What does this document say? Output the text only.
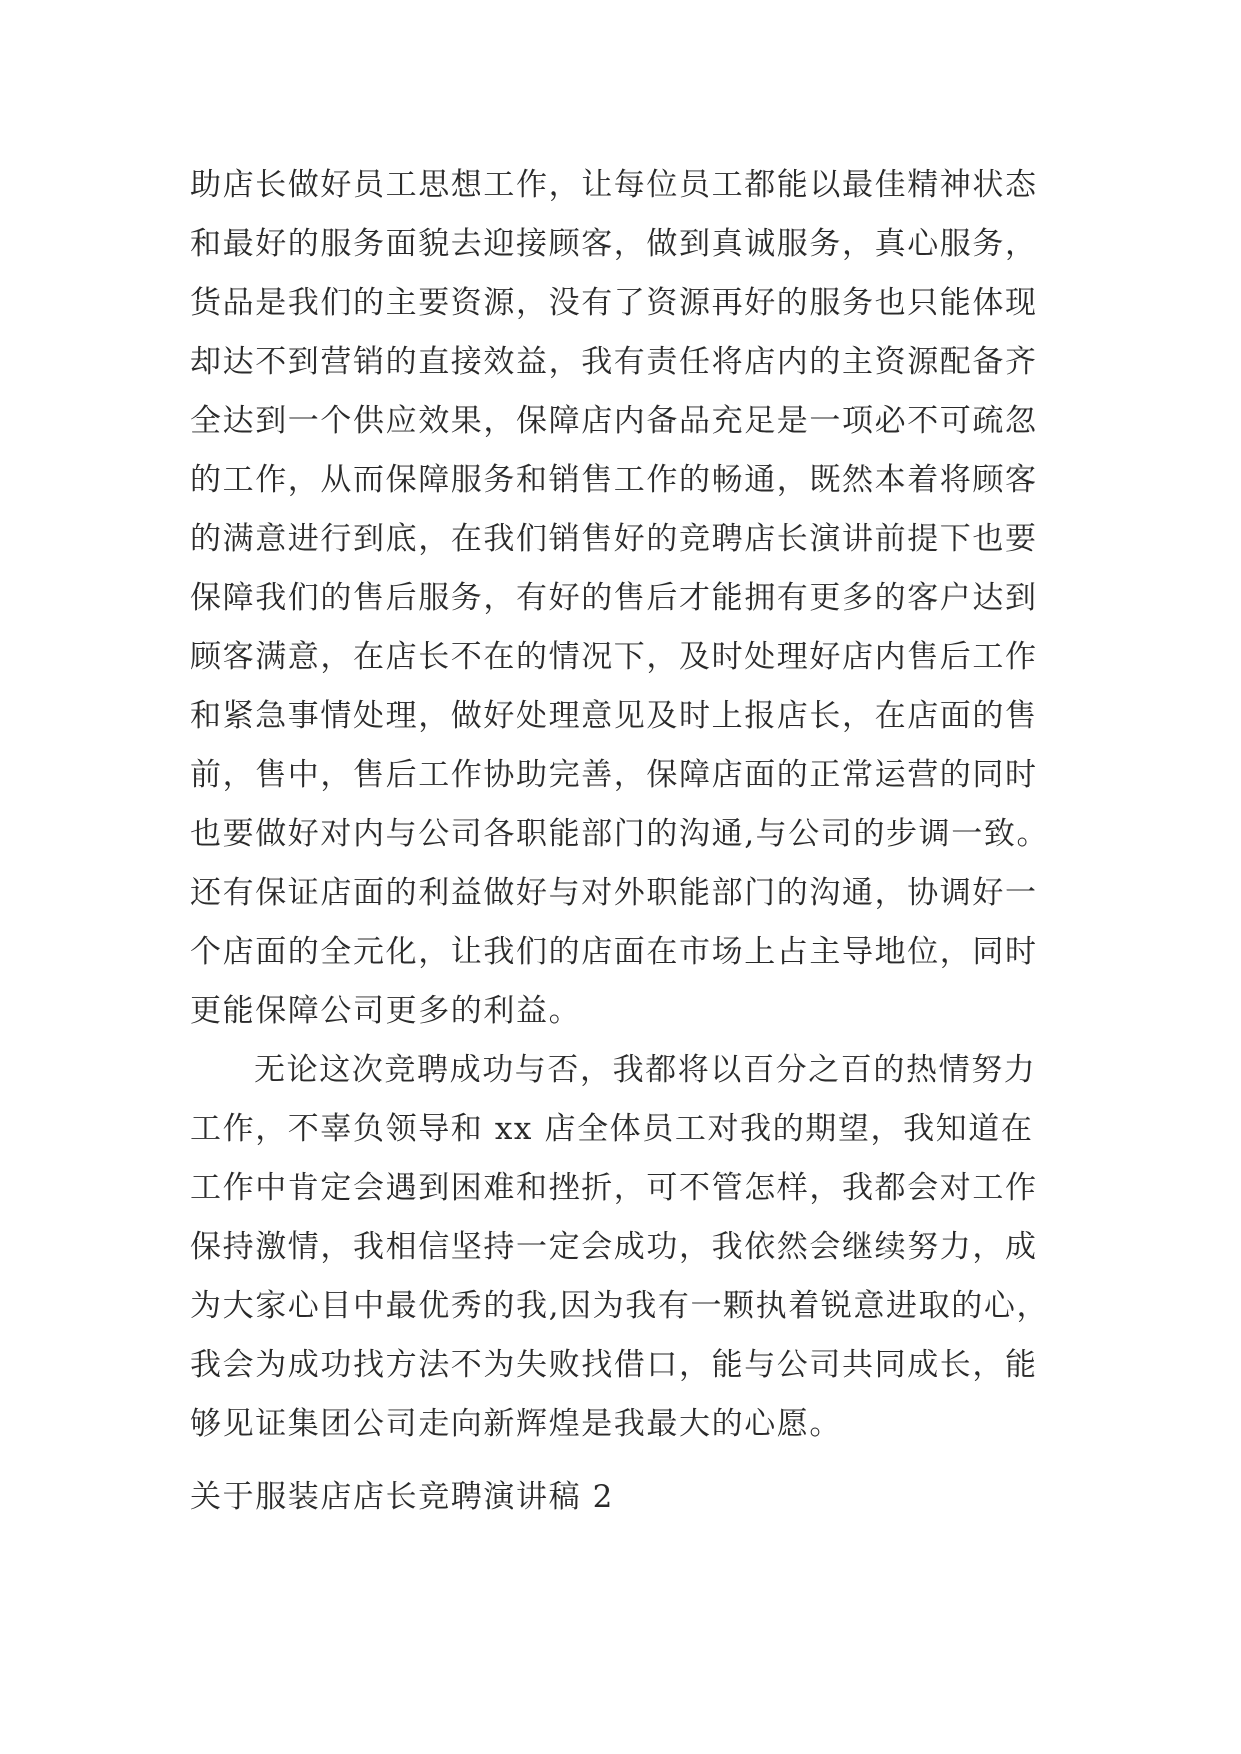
助店长做好员工思想工作，让每位员工都能以最佳精神状态
和最好的服务面貌去迎接顾客，做到真诚服务，真心服务，
货品是我们的主要资源，没有了资源再好的服务也只能体现
却达不到营销的直接效益，我有责任将店内的主资源配备齐
全达到一个供应效果，保障店内备品充足是一项必不可疏忽
的工作，从而保障服务和销售工作的畅通，既然本着将顾客
的满意进行到底，在我们销售好的竞聘店长演讲前提下也要
保障我们的售后服务，有好的售后才能拥有更多的客户达到
顾客满意，在店长不在的情况下，及时处理好店内售后工作
和紧急事情处理，做好处理意见及时上报店长，在店面的售
前，售中，售后工作协助完善，保障店面的正常运营的同时
也要做好对内与公司各职能部门的沟通,与公司的步调一致。
还有保证店面的利益做好与对外职能部门的沟通，协调好一
个店面的全元化，让我们的店面在市场上占主导地位，同时
更能保障公司更多的利益。
无论这次竞聘成功与否，我都将以百分之百的热情努力
工作，不辜负领导和 xx 店全体员工对我的期望，我知道在
工作中肯定会遇到困难和挫折，可不管怎样，我都会对工作
保持激情，我相信坚持一定会成功，我依然会继续努力，成
为大家心目中最优秀的我,因为我有一颗执着锐意进取的心，
我会为成功找方法不为失败找借口，能与公司共同成长，能
够见证集团公司走向新辉煌是我最大的心愿。
关于服装店店长竞聘演讲稿 2
